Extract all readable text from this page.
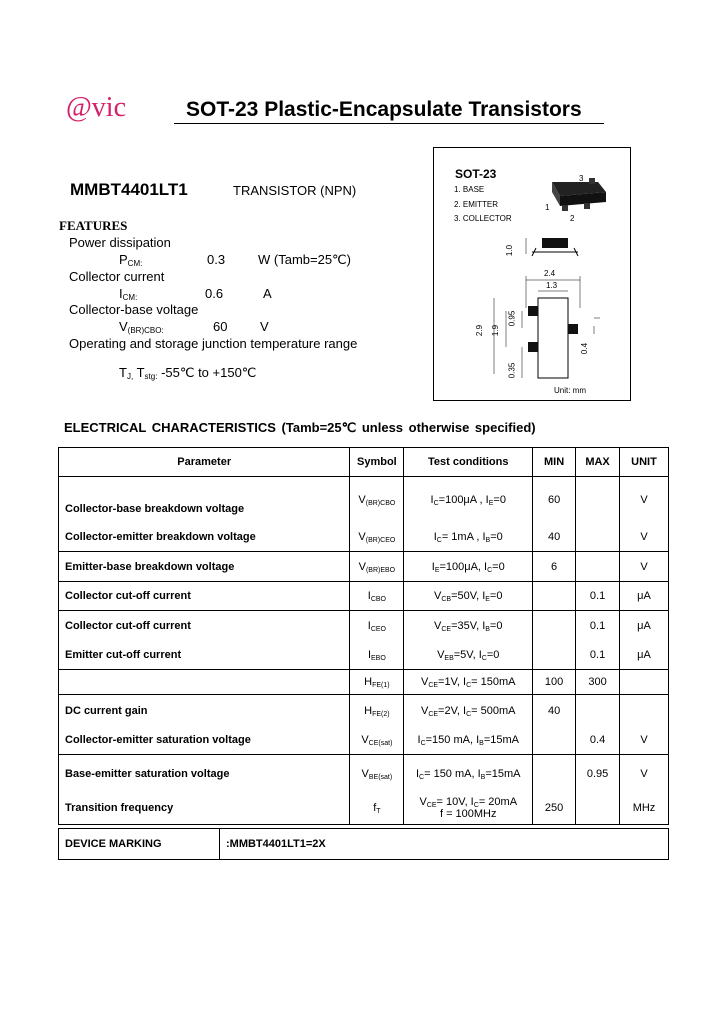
@vic	SOT-23 Plastic-Encapsulate Transistors
MMBT4401LT1	TRANSISTOR (NPN)
FEATURES
Power dissipation
PCM:	0.3	W (Tamb=25℃)
Collector current
ICM:	0.6	A
Collector-base voltage
V(BR)CBO:	60	V
Operating and storage junction temperature range
TJ, Tstg: -55℃ to +150℃
SOT-23
1. BASE
2. EMITTER
3. COLLECTOR
3
1
2
1.0
2.4
1.3
2.9 1.9
0.95
0.4
0.35
Unit: mm
ELECTRICAL CHARACTERISTICS (Tamb=25℃ unless otherwise specified)
Parameter	Symbol	Test conditions	MIN	MAX	UNIT
Collector-base breakdown voltage	V(BR)CBO	IC=100μA , IE=0	60		V
Collector-emitter breakdown voltage	V(BR)CEO	IC= 1mA , IB=0	40		V
Emitter-base breakdown voltage	V(BR)EBO	IE=100μA, IC=0	6		V
Collector cut-off current	ICBO	VCB=50V, IE=0		0.1	μA
Collector cut-off current	ICEO	VCE=35V, IB=0		0.1	μA
Emitter cut-off current	IEBO	VEB=5V, IC=0		0.1	μA
	HFE(1)	VCE=1V, IC= 150mA	100	300	
DC current gain	HFE(2)	VCE=2V, IC= 500mA	40		
Collector-emitter saturation voltage	VCE(sat)	IC=150 mA, IB=15mA		0.4	V
Base-emitter saturation voltage	VBE(sat)	IC= 150 mA, IB=15mA		0.95	V
Transition frequency	fT	VCE= 10V, IC= 20mA
f = 100MHz	250		MHz
DEVICE MARKING	:MMBT4401LT1=2X
